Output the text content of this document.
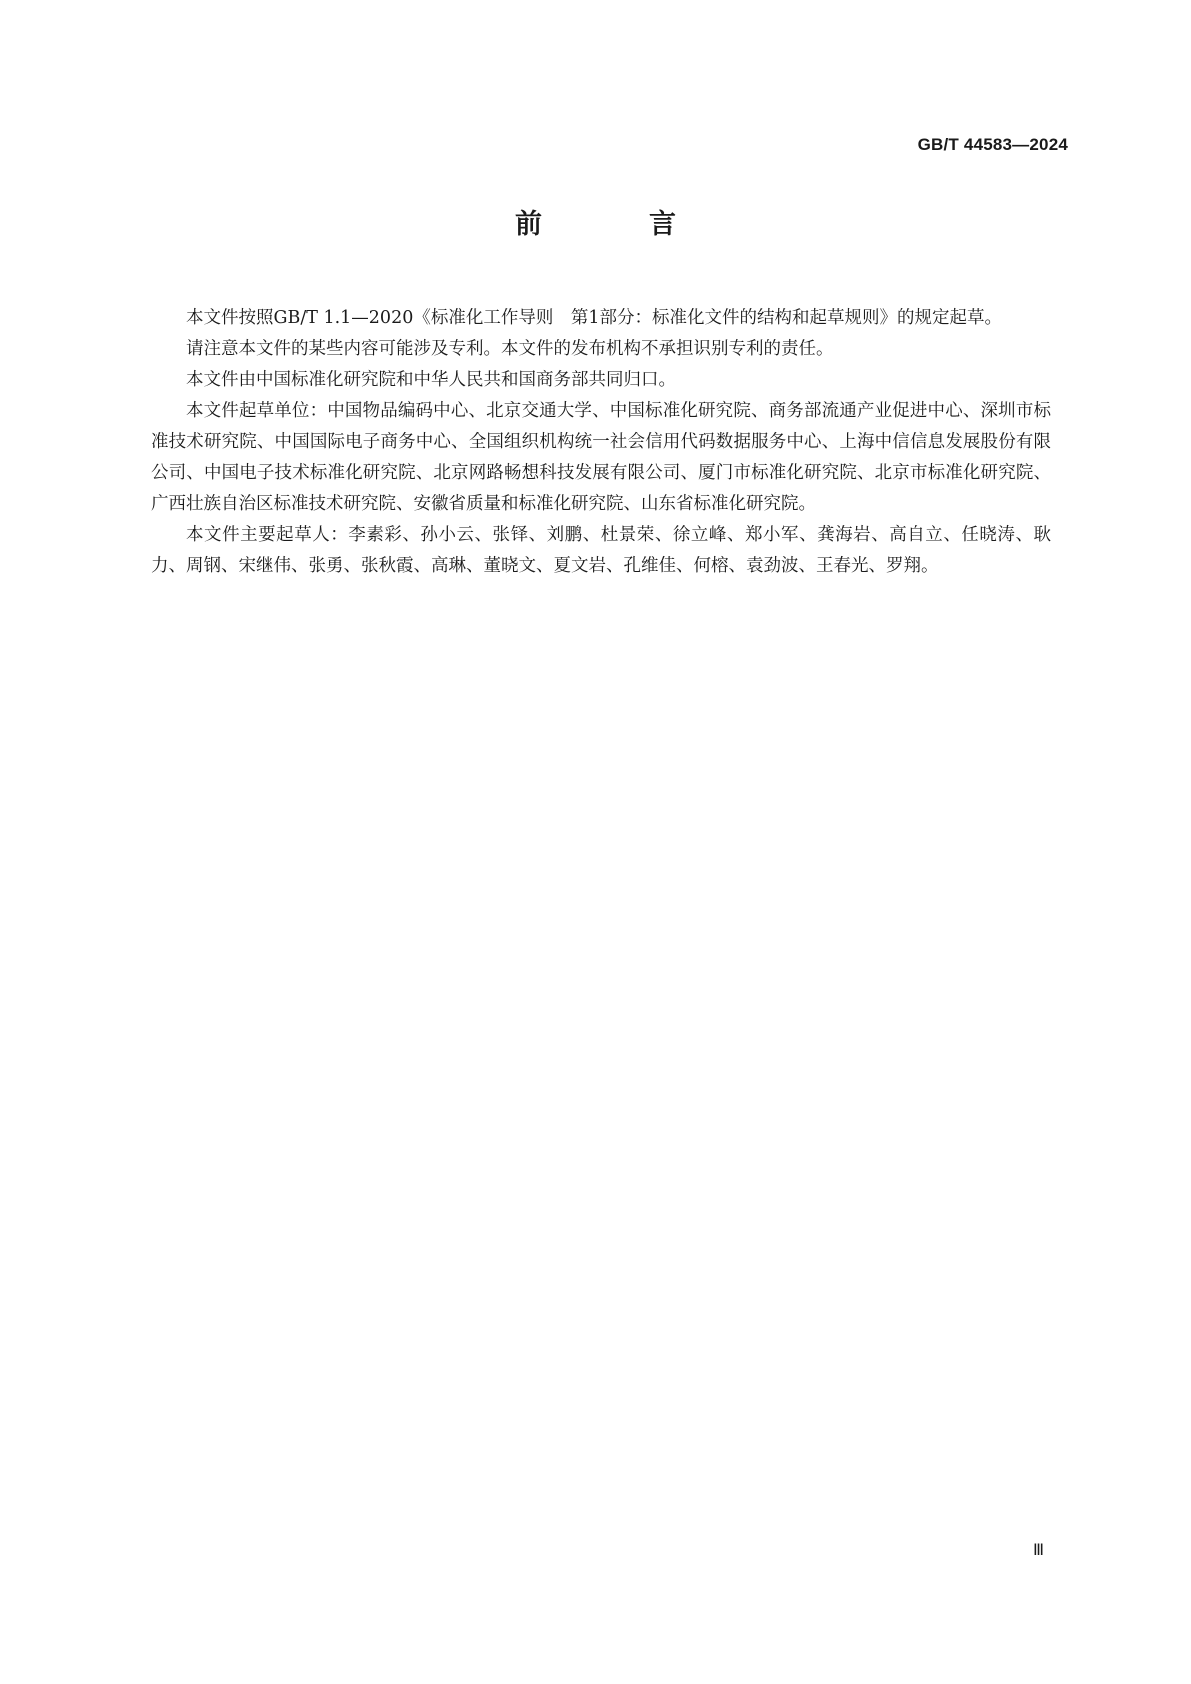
GB/T 44583—2024
前　言

本文件按照GB/T 1.1—2020《标准化工作导则　第1部分：标准化文件的结构和起草规则》的规定起草。

请注意本文件的某些内容可能涉及专利。本文件的发布机构不承担识别专利的责任。

本文件由中国标准化研究院和中华人民共和国商务部共同归口。

本文件起草单位：中国物品编码中心、北京交通大学、中国标准化研究院、商务部流通产业促进中心、深圳市标准技术研究院、中国国际电子商务中心、全国组织机构统一社会信用代码数据服务中心、上海中信信息发展股份有限公司、中国电子技术标准化研究院、北京网路畅想科技发展有限公司、厦门市标准化研究院、北京市标准化研究院、广西壮族自治区标准技术研究院、安徽省质量和标准化研究院、山东省标准化研究院。

本文件主要起草人：李素彩、孙小云、张铎、刘鹏、杜景荣、徐立峰、郑小军、龚海岩、高自立、任晓涛、耿力、周钢、宋继伟、张勇、张秋霞、高琳、董晓文、夏文岩、孔维佳、何榕、袁劲波、王春光、罗翔。

Ⅲ
